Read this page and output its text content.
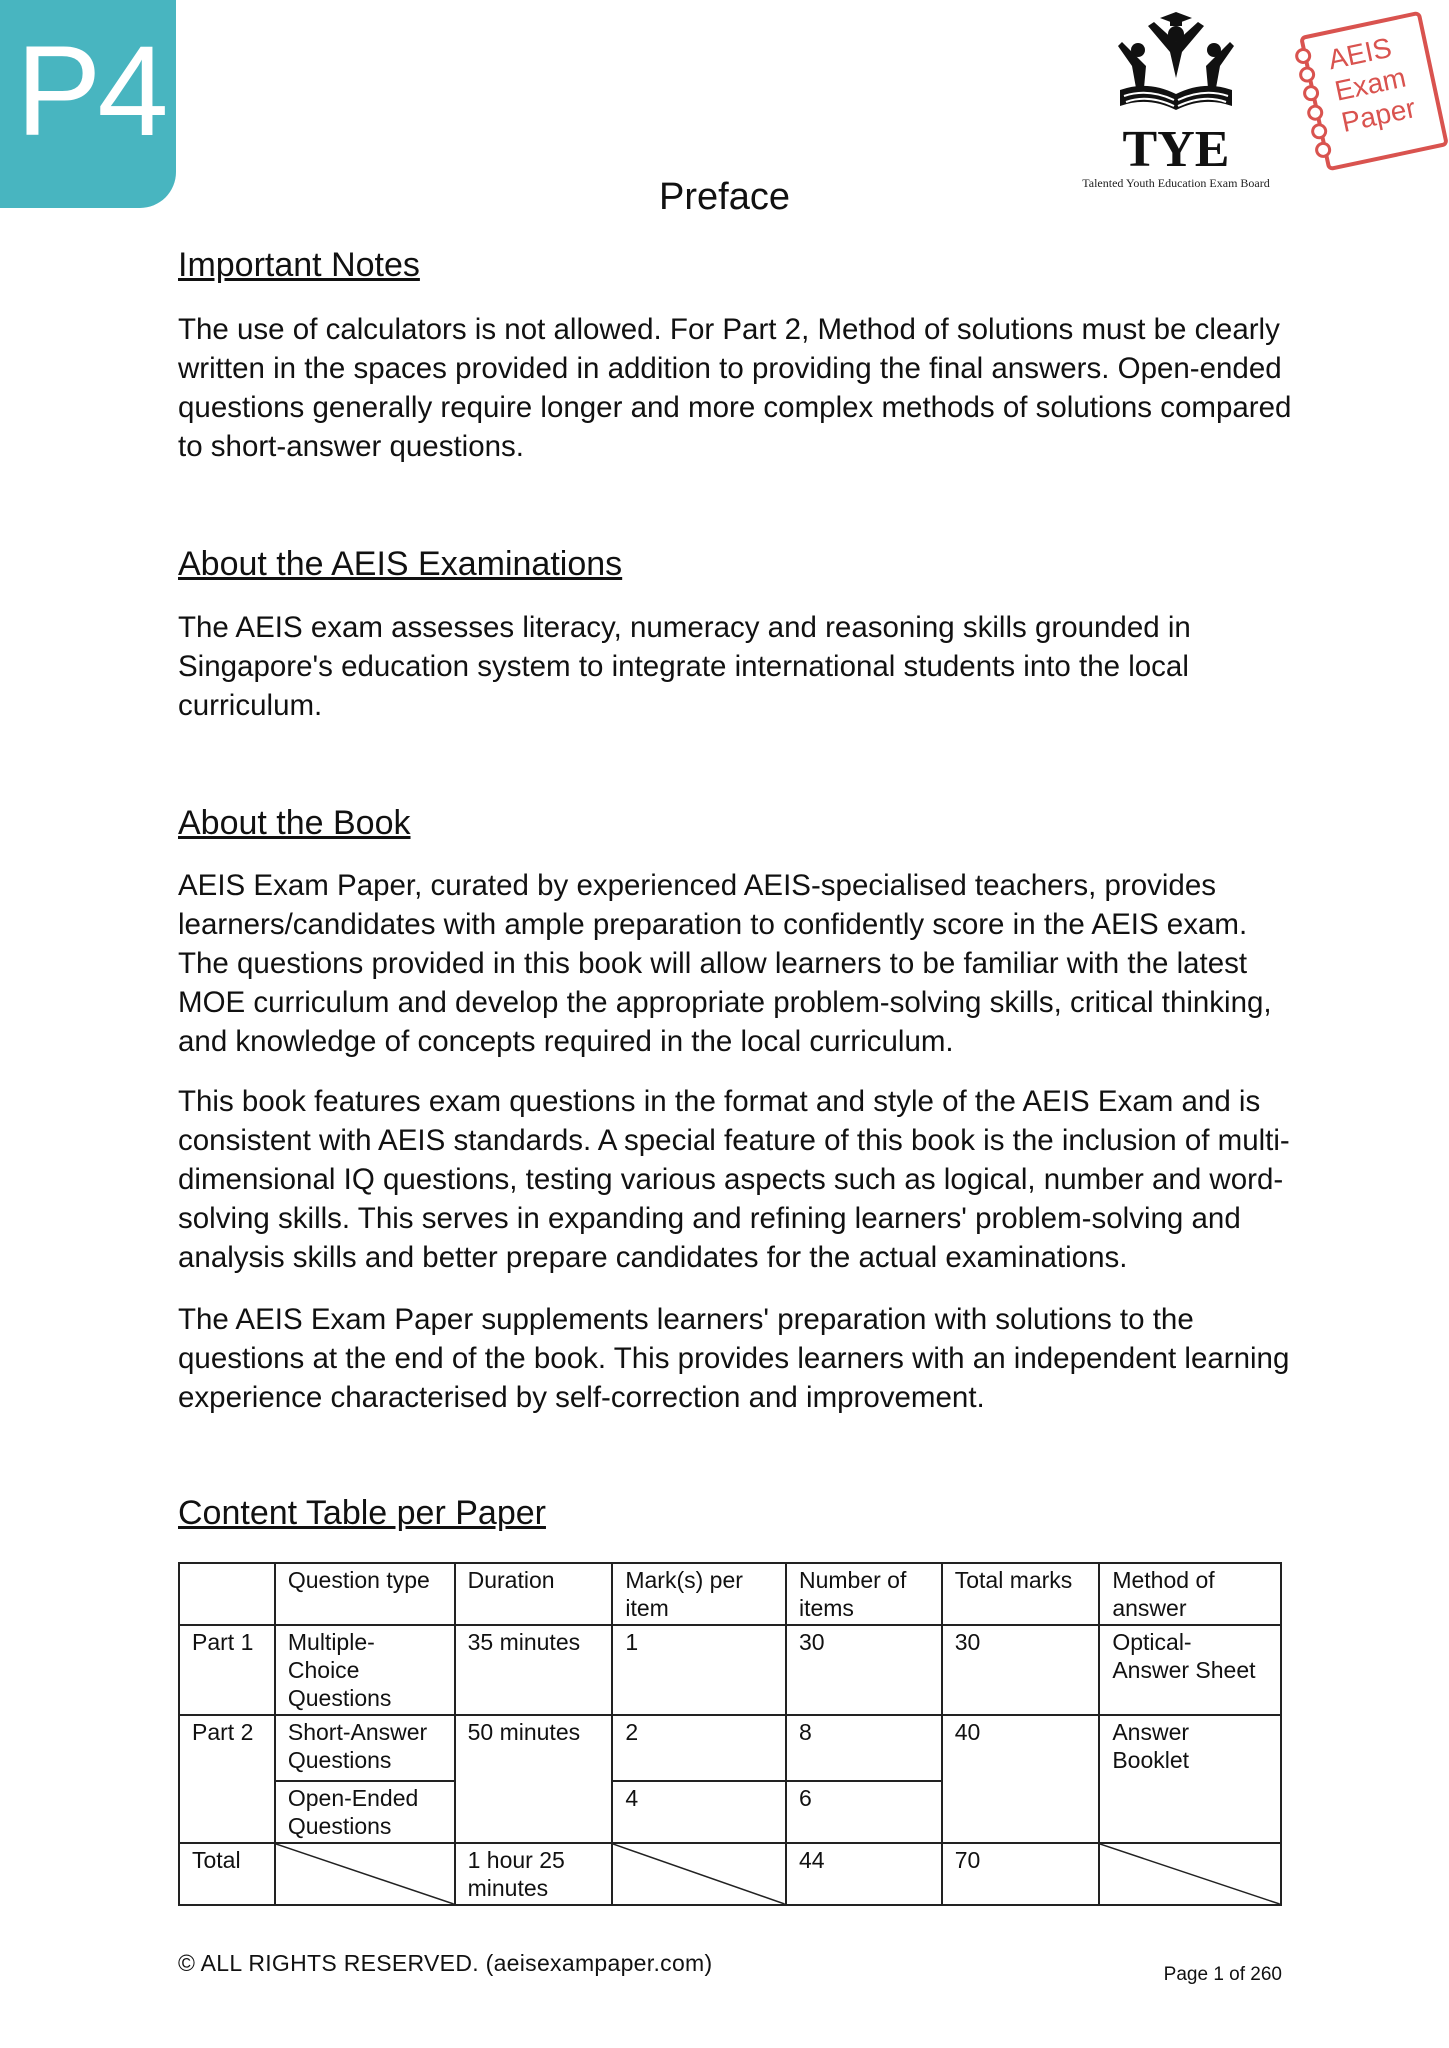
P4	TYE
Talented Youth Education Exam Board
AEIS
Exam
Paper
Preface
Important Notes
The use of calculators is not allowed. For Part 2, Method of solutions must be clearly written in the spaces provided in addition to providing the final answers. Open-ended questions generally require longer and more complex methods of solutions compared to short-answer questions.
About the AEIS Examinations
The AEIS exam assesses literacy, numeracy and reasoning skills grounded in Singapore's education system to integrate international students into the local curriculum.
About the Book
AEIS Exam Paper, curated by experienced AEIS-specialised teachers, provides learners/candidates with ample preparation to confidently score in the AEIS exam. The questions provided in this book will allow learners to be familiar with the latest MOE curriculum and develop the appropriate problem-solving skills, critical thinking, and knowledge of concepts required in the local curriculum.
This book features exam questions in the format and style of the AEIS Exam and is consistent with AEIS standards. A special feature of this book is the inclusion of multi-dimensional IQ questions, testing various aspects such as logical, number and word-solving skills. This serves in expanding and refining learners' problem-solving and analysis skills and better prepare candidates for the actual examinations.
The AEIS Exam Paper supplements learners' preparation with solutions to the questions at the end of the book. This provides learners with an independent learning experience characterised by self-correction and improvement.
Content Table per Paper
	Question type	Duration	Mark(s) per item	Number of items	Total marks	Method of answer
Part 1	Multiple-Choice Questions	35 minutes	1	30	30	Optical-Answer Sheet
Part 2	Short-Answer Questions	50 minutes	2	8	40	Answer Booklet
	Open-Ended Questions		4	6		
Total		1 hour 25 minutes		44	70	
© ALL RIGHTS RESERVED. (aeisexampaper.com)	Page 1 of 260
